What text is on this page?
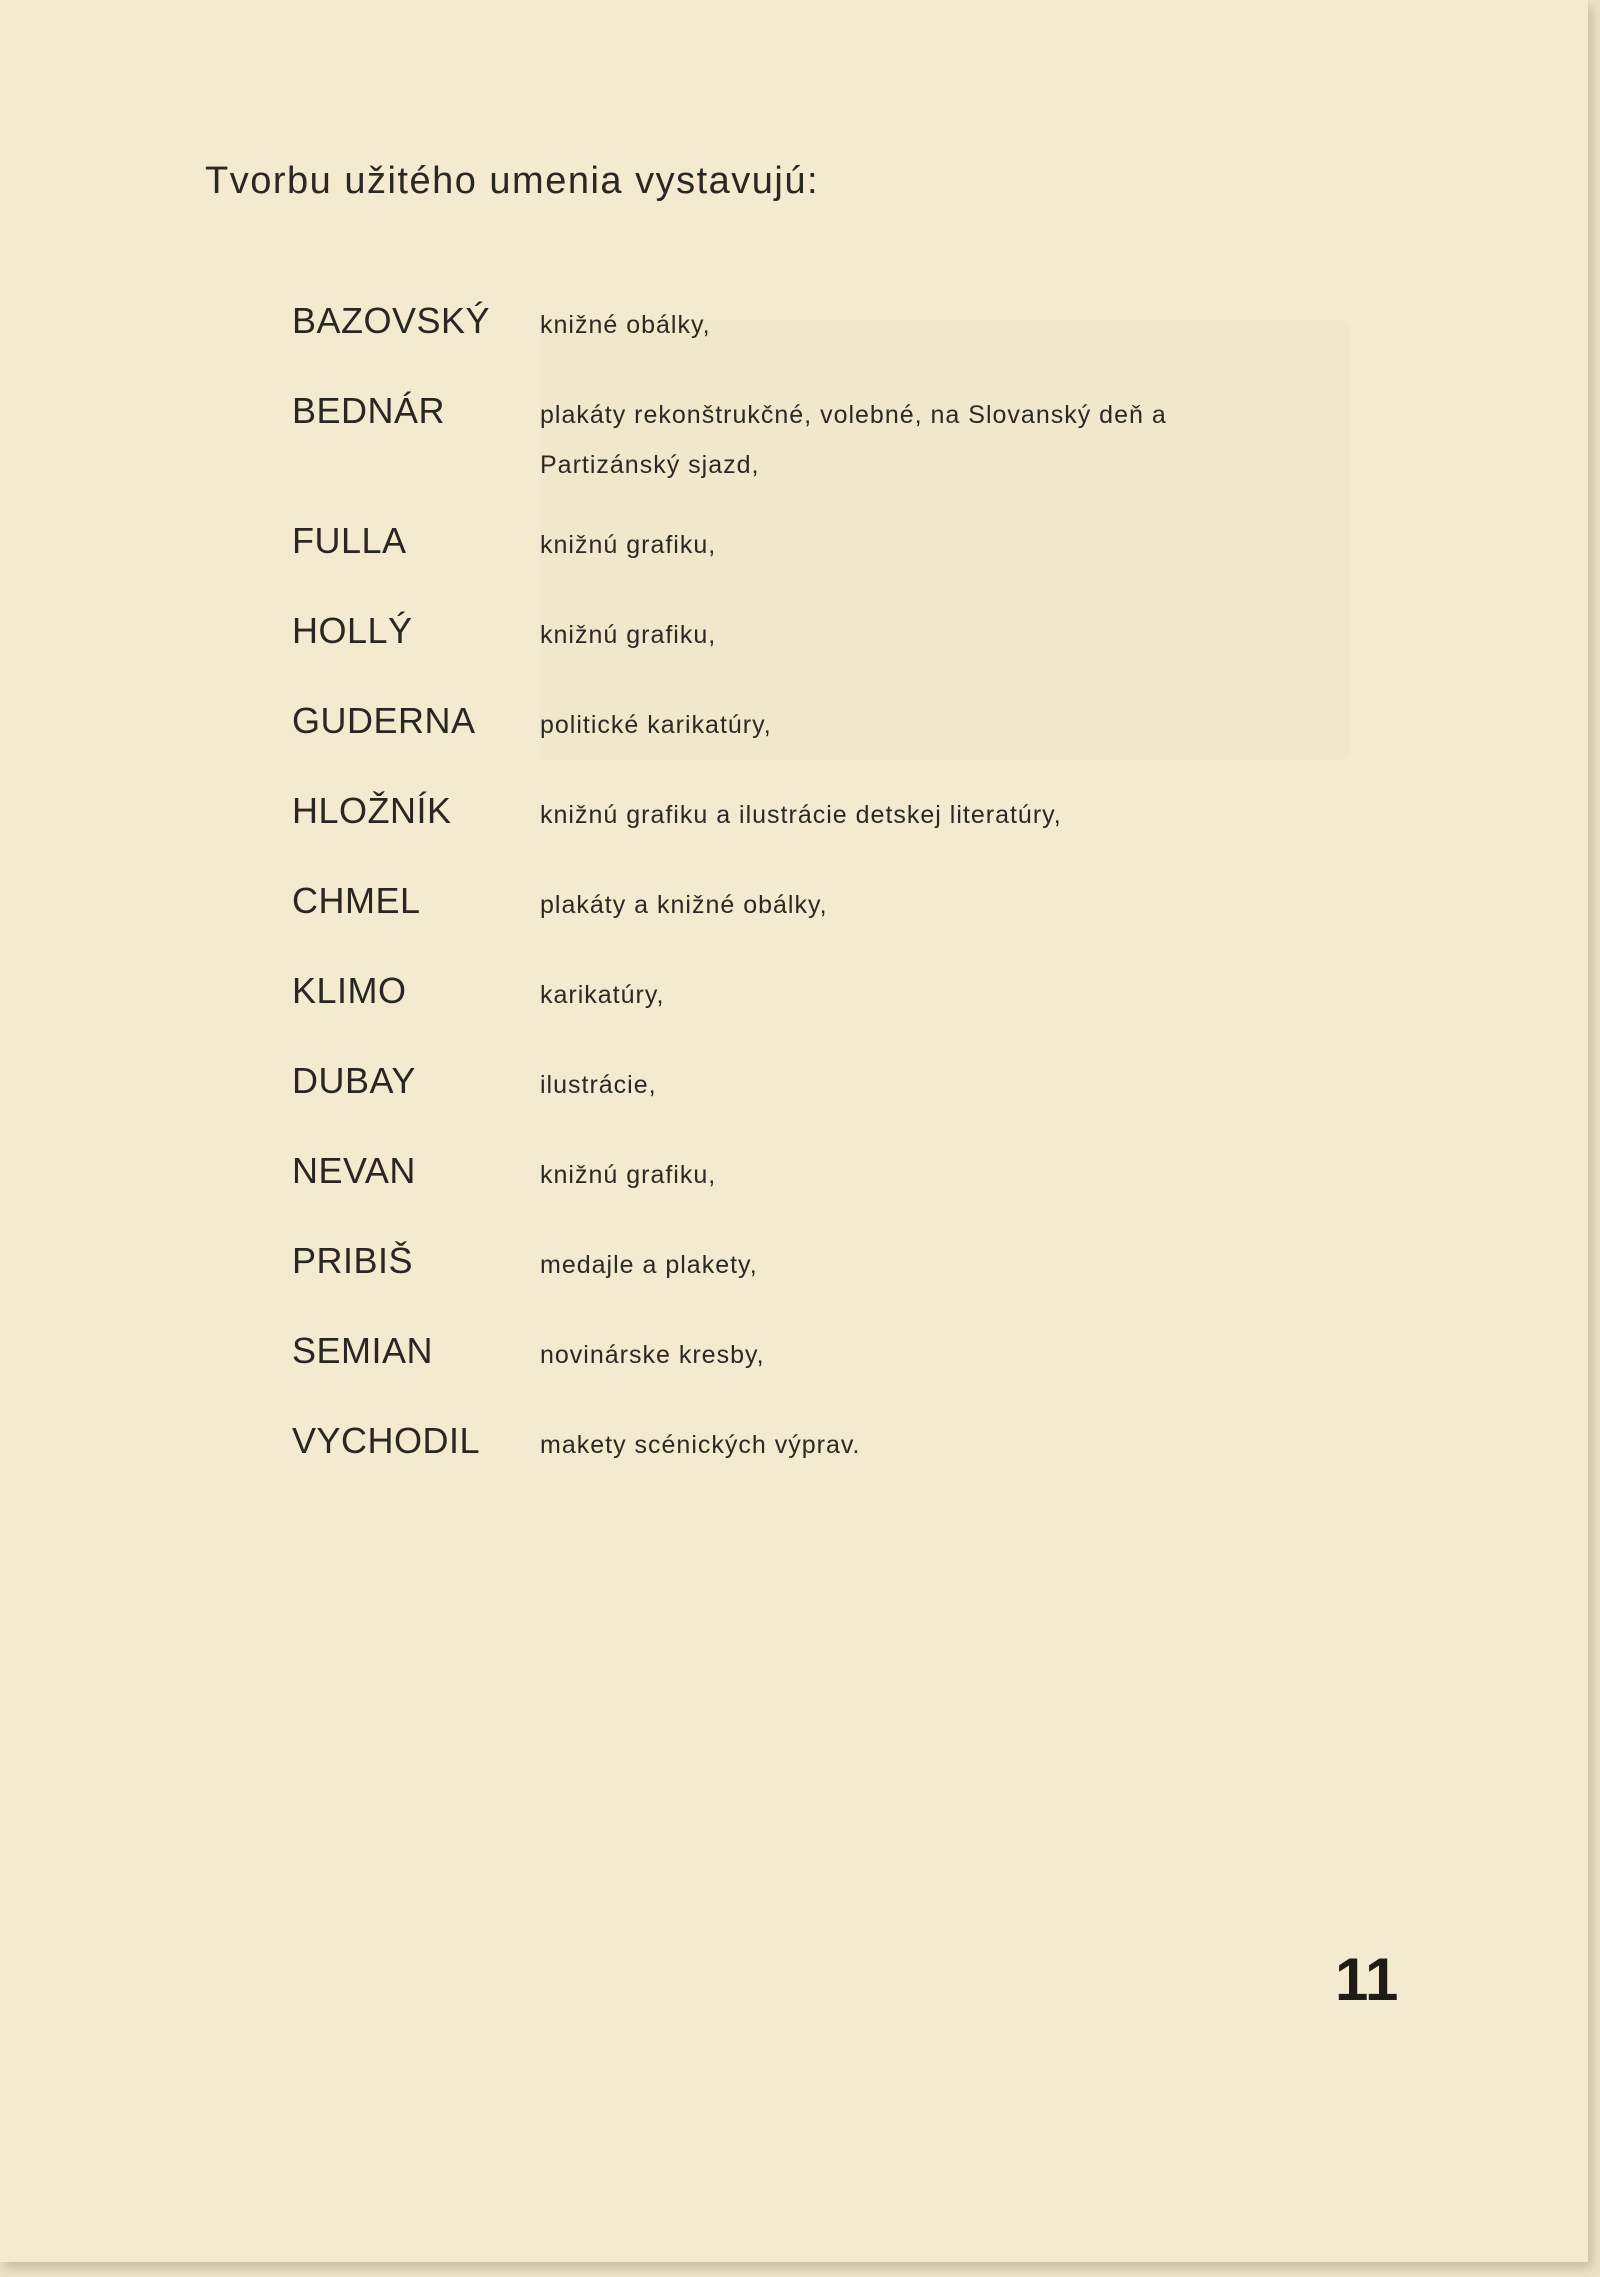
Tvorbu užitého umenia vystavujú:
BAZOVSKÝ	knižné obálky,
BEDNÁR	plakáty rekonštrukčné, volebné, na Slovanský deň a Partizánský sjazd,
FULLA	knižnú grafiku,
HOLLÝ	knižnú grafiku,
GUDERNA	politické karikatúry,
HLOŽNÍK	knižnú grafiku a ilustrácie detskej literatúry,
CHMEL	plakáty a knižné obálky,
KLIMO	karikatúry,
DUBAY	ilustrácie,
NEVAN	knižnú grafiku,
PRIBIŠ	medajle a plakety,
SEMIAN	novinárske kresby,
VYCHODIL	makety scénických výprav.
11
